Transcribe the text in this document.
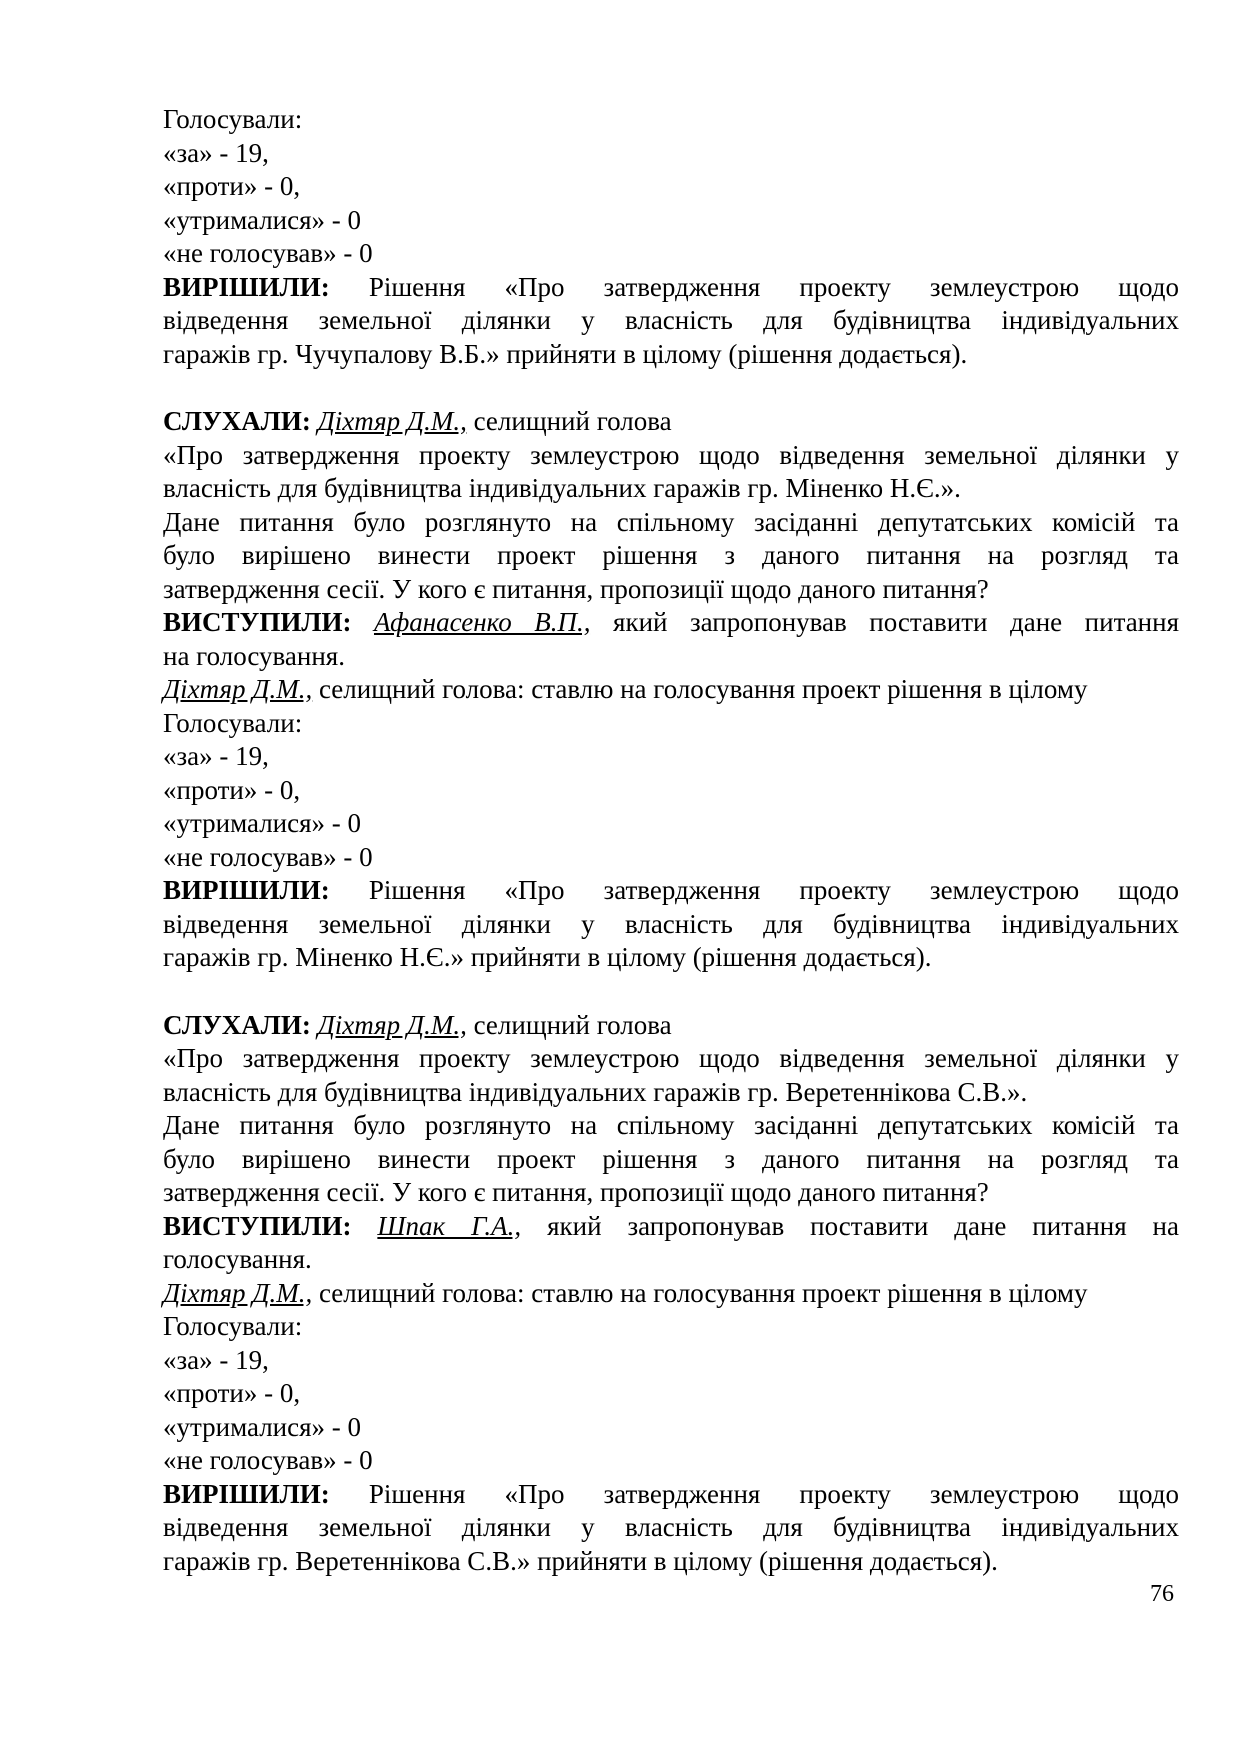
Голосували:
«за» - 19,
«проти» - 0,
«утрималися» - 0
«не голосував» - 0
ВИРІШИЛИ: Рішення «Про затвердження проекту землеустрою щодо
відведення земельної ділянки у власність для будівництва індивідуальних
гаражів гр. Чучупалову В.Б.» прийняти в цілому (рішення додається).
СЛУХАЛИ: Діхтяр Д.М., селищний голова
«Про затвердження проекту землеустрою щодо відведення земельної ділянки у
власність для будівництва індивідуальних гаражів гр. Міненко Н.Є.».
Дане питання було розглянуто на спільному засіданні депутатських комісій та
було вирішено винести проект рішення з даного питання на розгляд та
затвердження сесії. У кого є питання, пропозиції щодо даного питання?
ВИСТУПИЛИ: Афанасенко В.П., який запропонував поставити дане питання
на голосування.
Діхтяр Д.М., селищний голова: ставлю на голосування проект рішення в цілому
Голосували:
«за» - 19,
«проти» - 0,
«утрималися» - 0
«не голосував» - 0
ВИРІШИЛИ: Рішення «Про затвердження проекту землеустрою щодо
відведення земельної ділянки у власність для будівництва індивідуальних
гаражів гр. Міненко Н.Є.» прийняти в цілому (рішення додається).
СЛУХАЛИ: Діхтяр Д.М., селищний голова
«Про затвердження проекту землеустрою щодо відведення земельної ділянки у
власність для будівництва індивідуальних гаражів гр. Веретеннікова С.В.».
Дане питання було розглянуто на спільному засіданні депутатських комісій та
було вирішено винести проект рішення з даного питання на розгляд та
затвердження сесії. У кого є питання, пропозиції щодо даного питання?
ВИСТУПИЛИ: Шпак Г.А., який запропонував поставити дане питання на
голосування.
Діхтяр Д.М., селищний голова: ставлю на голосування проект рішення в цілому
Голосували:
«за» - 19,
«проти» - 0,
«утрималися» - 0
«не голосував» - 0
ВИРІШИЛИ: Рішення «Про затвердження проекту землеустрою щодо
відведення земельної ділянки у власність для будівництва індивідуальних
гаражів гр. Веретеннікова С.В.» прийняти в цілому (рішення додається).
76
